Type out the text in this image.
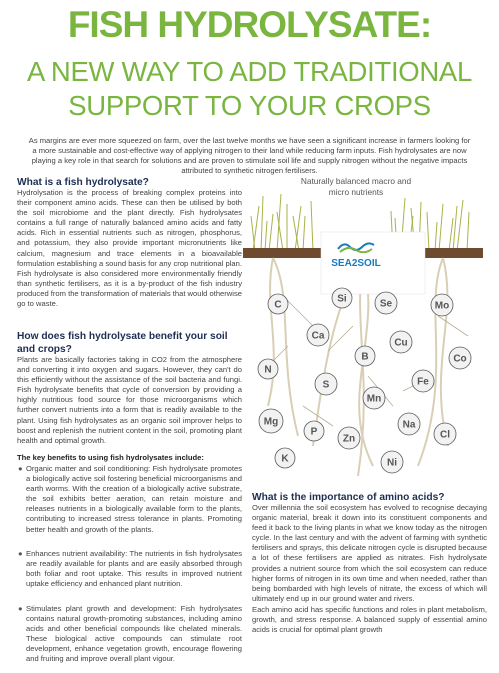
FISH HYDROLYSATE:
A NEW WAY TO ADD TRADITIONAL
SUPPORT TO YOUR CROPS

As margins are ever more squeezed on farm, over the last twelve months we have seen a significant increase in farmers looking for a more sustainable and cost-effective way of applying nitrogen to their land while reducing farm inputs. Fish hydrolysates are now playing a key role in that search for solutions and are proven to stimulate soil life and supply nitrogen without the negative impacts attributed to synthetic nitrogen fertilisers.

What is a fish hydrolysate?

Hydrolysation is the process of breaking complex proteins into their component amino acids. These can then be utilised by both the soil microbiome and the plant directly. Fish hydrolysates contains a full range of naturally balanced amino acids and fatty acids. Rich in essential nutrients such as nitrogen, phosphorus, and potassium, they also provide important micronutrients like calcium, magnesium and trace elements in a bioavailable formulation establishing a sound basis for any crop nutritional plan. Fish hydrolysate is also considered more environmentally friendly than synthetic fertilisers, as it is a by-product of the fish industry produced from the transformation of materials that would otherwise go to waste.

How does fish hydrolysate benefit your soil and crops?

Plants are basically factories taking in CO2 from the atmosphere and converting it into oxygen and sugars. However, they can't do this efficiently without the assistance of the soil bacteria and fungi. Fish hydrolysate benefits that cycle of conversion by providing a highly nutritious food source for those microorganisms which further convert nutrients into a form that is readily available to the plant. Using fish hydrolysates as an organic soil improver helps to boost and replenish the nutrient content in the soil, promoting plant health and optimal growth.

The key benefits to using fish hydrolysates include:
● Organic matter and soil conditioning: Fish hydrolysate promotes a biologically active soil fostering beneficial microorganisms and earth worms. With the creation of a biologically active substrate, the soil exhibits better aeration, can retain moisture and releases nutrients in a biologically available form to the plants, contributing to increased stress tolerance in plants. Promoting better health and growth of the plants.
● Enhances nutrient availability: The nutrients in fish hydrolysates are readily available for plants and are easily absorbed through both foliar and root uptake. This results in improved nutrient uptake efficiency and enhanced plant nutrition.
● Stimulates plant growth and development: Fish hydrolysates contains natural growth-promoting substances, including amino acids and other beneficial compounds like chelated minerals. These biological active compounds can stimulate root development, enhance vegetation growth, encourage flowering and fruiting and improve overall plant vigour.
Naturally balanced macro and micro nutrients
C
Si	Se	Mo
Ca
Cu
Co
N
B
Fe
S
Mn
Mg
P
Zn
Na
Cl
K	Ni
SEA2SOIL
What is the importance of amino acids?

Over millennia the soil ecosystem has evolved to recognise decaying organic material, break it down into its constituent components and feed it back to the living plants in what we know today as the nitrogen cycle. In the last century and with the advent of farming with synthetic fertilisers and sprays, this delicate nitrogen cycle is disrupted because a lot of these fertilisers are applied as nitrates. Fish hydrolysate provides a nutrient source from which the soil ecosystem can reduce higher forms of nitrogen in its own time and when needed, rather than being bombarded with high levels of nitrate, the excess of which will ultimately end up in our ground water and rivers.

Each amino acid has specific functions and roles in plant metabolism, growth, and stress response. A balanced supply of essential amino acids is crucial for optimal plant growth
